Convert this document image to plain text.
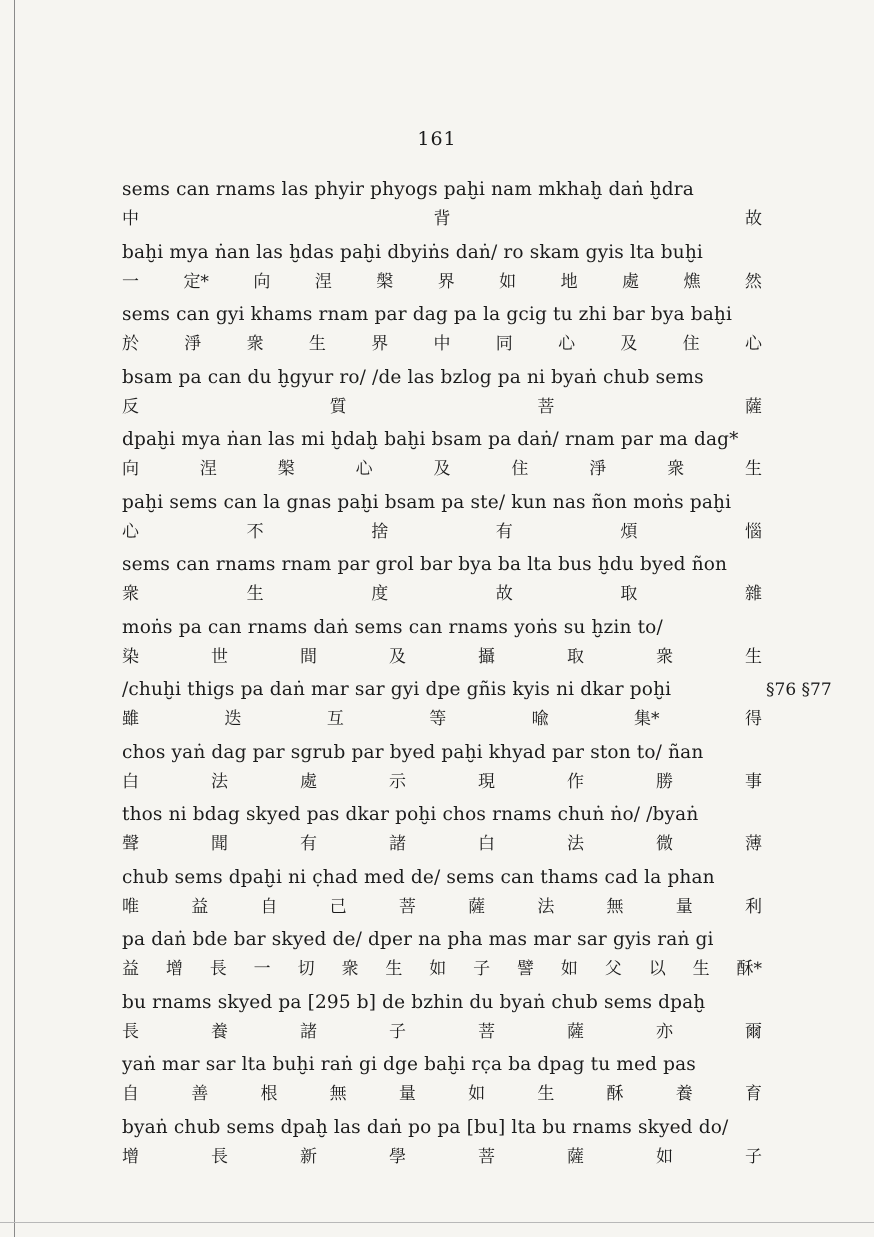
161
sems can rnams las phyir phyogs paḫi nam mkhaḫ daṅ ḫdra
中	背	故
baḫi mya ṅan las ḫdas paḫi dbyiṅs daṅ/ ro skam gyis lta buḫi
一	定*	向	涅	槃	界	如	地	處	燋	然
sems can gyi khams rnam par dag pa la gcig tu zhi bar bya baḫi
於	淨	衆	生	界	中	同	心	及	住	心
bsam pa can du ḫgyur ro/ /de las bzlog pa ni byaṅ chub sems
反	質	菩	薩
dpaḫi mya ṅan las mi ḫdaḫ baḫi bsam pa daṅ/ rnam par ma dag*
向	涅	槃	心	及	住	淨	衆	生
paḫi sems can la gnas paḫi bsam pa ste/ kun nas ñon moṅs paḫi
心	不	捨	有	煩	惱
sems can rnams rnam par grol bar bya ba lta bus ḫdu byed ñon
衆	生	度	故	取	雜
moṅs pa can rnams daṅ sems can rnams yoṅs su ḫzin to/
染	世	間	及	攝	取	衆	生
/chuḫi thigs pa daṅ mar sar gyi dpe gñis kyis ni dkar poḫi
雖	迭	互	等	喩	集*	得
§76 §77
chos yaṅ dag par sgrub par byed paḫi khyad par ston to/ ñan
白	法	處	示	現	作	勝	事
thos ni bdag skyed pas dkar poḫi chos rnams chuṅ ṅo/ /byaṅ
聲	聞	有	諸	白	法	微	薄
chub sems dpaḫi ni c̣had med de/ sems can thams cad la phan
唯	益	自	己	菩	薩	法	無	量	利
pa daṅ bde bar skyed de/ dper na pha mas mar sar gyis raṅ gi
益 增 長 一 切 衆 生 如 子 譬 如 父 以 生 酥*
bu rnams skyed pa [295 b] de bzhin du byaṅ chub sems dpaḫ
長	養	諸	子	菩	薩	亦	爾
yaṅ mar sar lta buḫi raṅ gi dge baḫi rc̣a ba dpag tu med pas
自	善	根	無	量	如	生	酥	養	育
byaṅ chub sems dpaḫ las daṅ po pa [bu] lta bu rnams skyed do/
增	長	新	學	菩	薩	如	子
